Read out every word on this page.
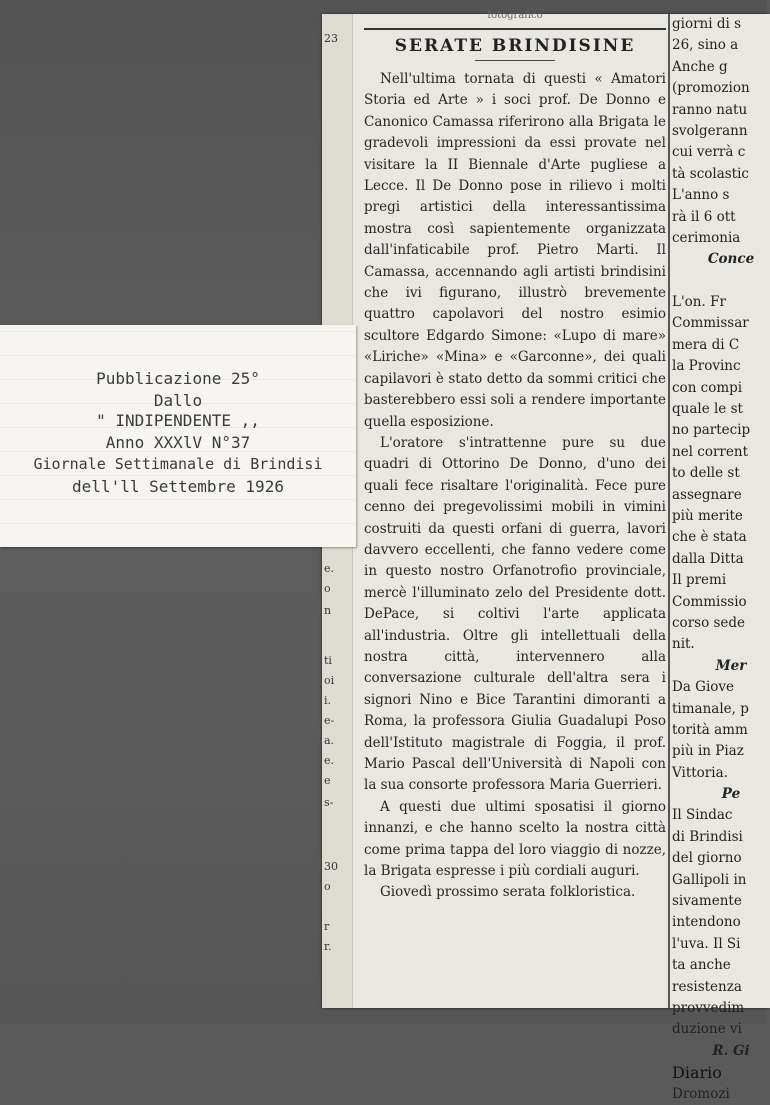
23
e.
o
n
ti
oi
i.
e-
a.
e.
e
s-
30
o
r
r.
fotografico
SERATE BRINDISINE

Nell'ultima tornata di questi « Amatori Storia ed Arte » i soci prof. De Donno e Canonico Camassa riferirono alla Brigata le gradevoli impressioni da essi provate nel visitare la II Biennale d'Arte pugliese a Lecce. Il De Donno pose in rilievo i molti pregi artistici della interessantissima mostra così sapientemente organizzata dall'infaticabile prof. Pietro Marti. Il Camassa, accennando agli artisti brindisini che ivi figurano, illustrò brevemente quattro capolavori del nostro esimio scultore Edgardo Simone: «Lupo di mare» «Liriche» «Mina» e «Garconne», dei quali capilavori è stato detto da sommi critici che basterebbero essi soli a rendere importante quella esposizione.

L'oratore s'intrattenne pure su due quadri di Ottorino De Donno, d'uno dei quali fece risaltare l'originalità. Fece pure cenno dei pregevolissimi mobili in vimini costruiti da questi orfani di guerra, lavori davvero eccellenti, che fanno vedere come in questo nostro Orfanotrofio provinciale, mercè l'illuminato zelo del Presidente dott. DePace, si coltivi l'arte applicata all'industria. Oltre gli intellettuali della nostra città, intervennero alla conversazione culturale dell'altra sera i signori Nino e Bice Tarantini dimoranti a Roma, la professora Giulia Guadalupi Poso dell'Istituto magistrale di Foggia, il prof. Mario Pascal dell'Università di Napoli con la sua consorte professora Maria Guerrieri.

A questi due ultimi sposatisi il giorno innanzi, e che hanno scelto la nostra città come prima tappa del loro viaggio di nozze, la Brigata espresse i più cordiali auguri.

Giovedì prossimo serata folkloristica.

giorni di s
26, sino a
Anche g
(promozion
ranno natu
svolgerann
cui verrà c
tà scolastic
L'anno s
rà il 6 ott
cerimonia
Conce
L'on. Fr
Commissar
mera di C
la Provinc
con compi
quale le st
no partecip
nel corrent
to delle st
assegnare
più merite
che è stata
dalla Ditta
Il premi
Commissio
corso sede
nit.
Mer
Da Giove
timanale, p
torità amm
più in Piaz
Vittoria.
Pe
Il Sindac
di Brindisi
del giorno
Gallipoli in
sivamente
intendono
l'uva. Il Si
ta anche
resistenza
provvedim
duzione vi
R. Gi
Diario
Dromozi
Pubblicazione 25°
Dallo
" INDIPENDENTE ,,
Anno XXXlV N°37
Giornale Settimanale di Brindisi
dell'll Settembre 1926
